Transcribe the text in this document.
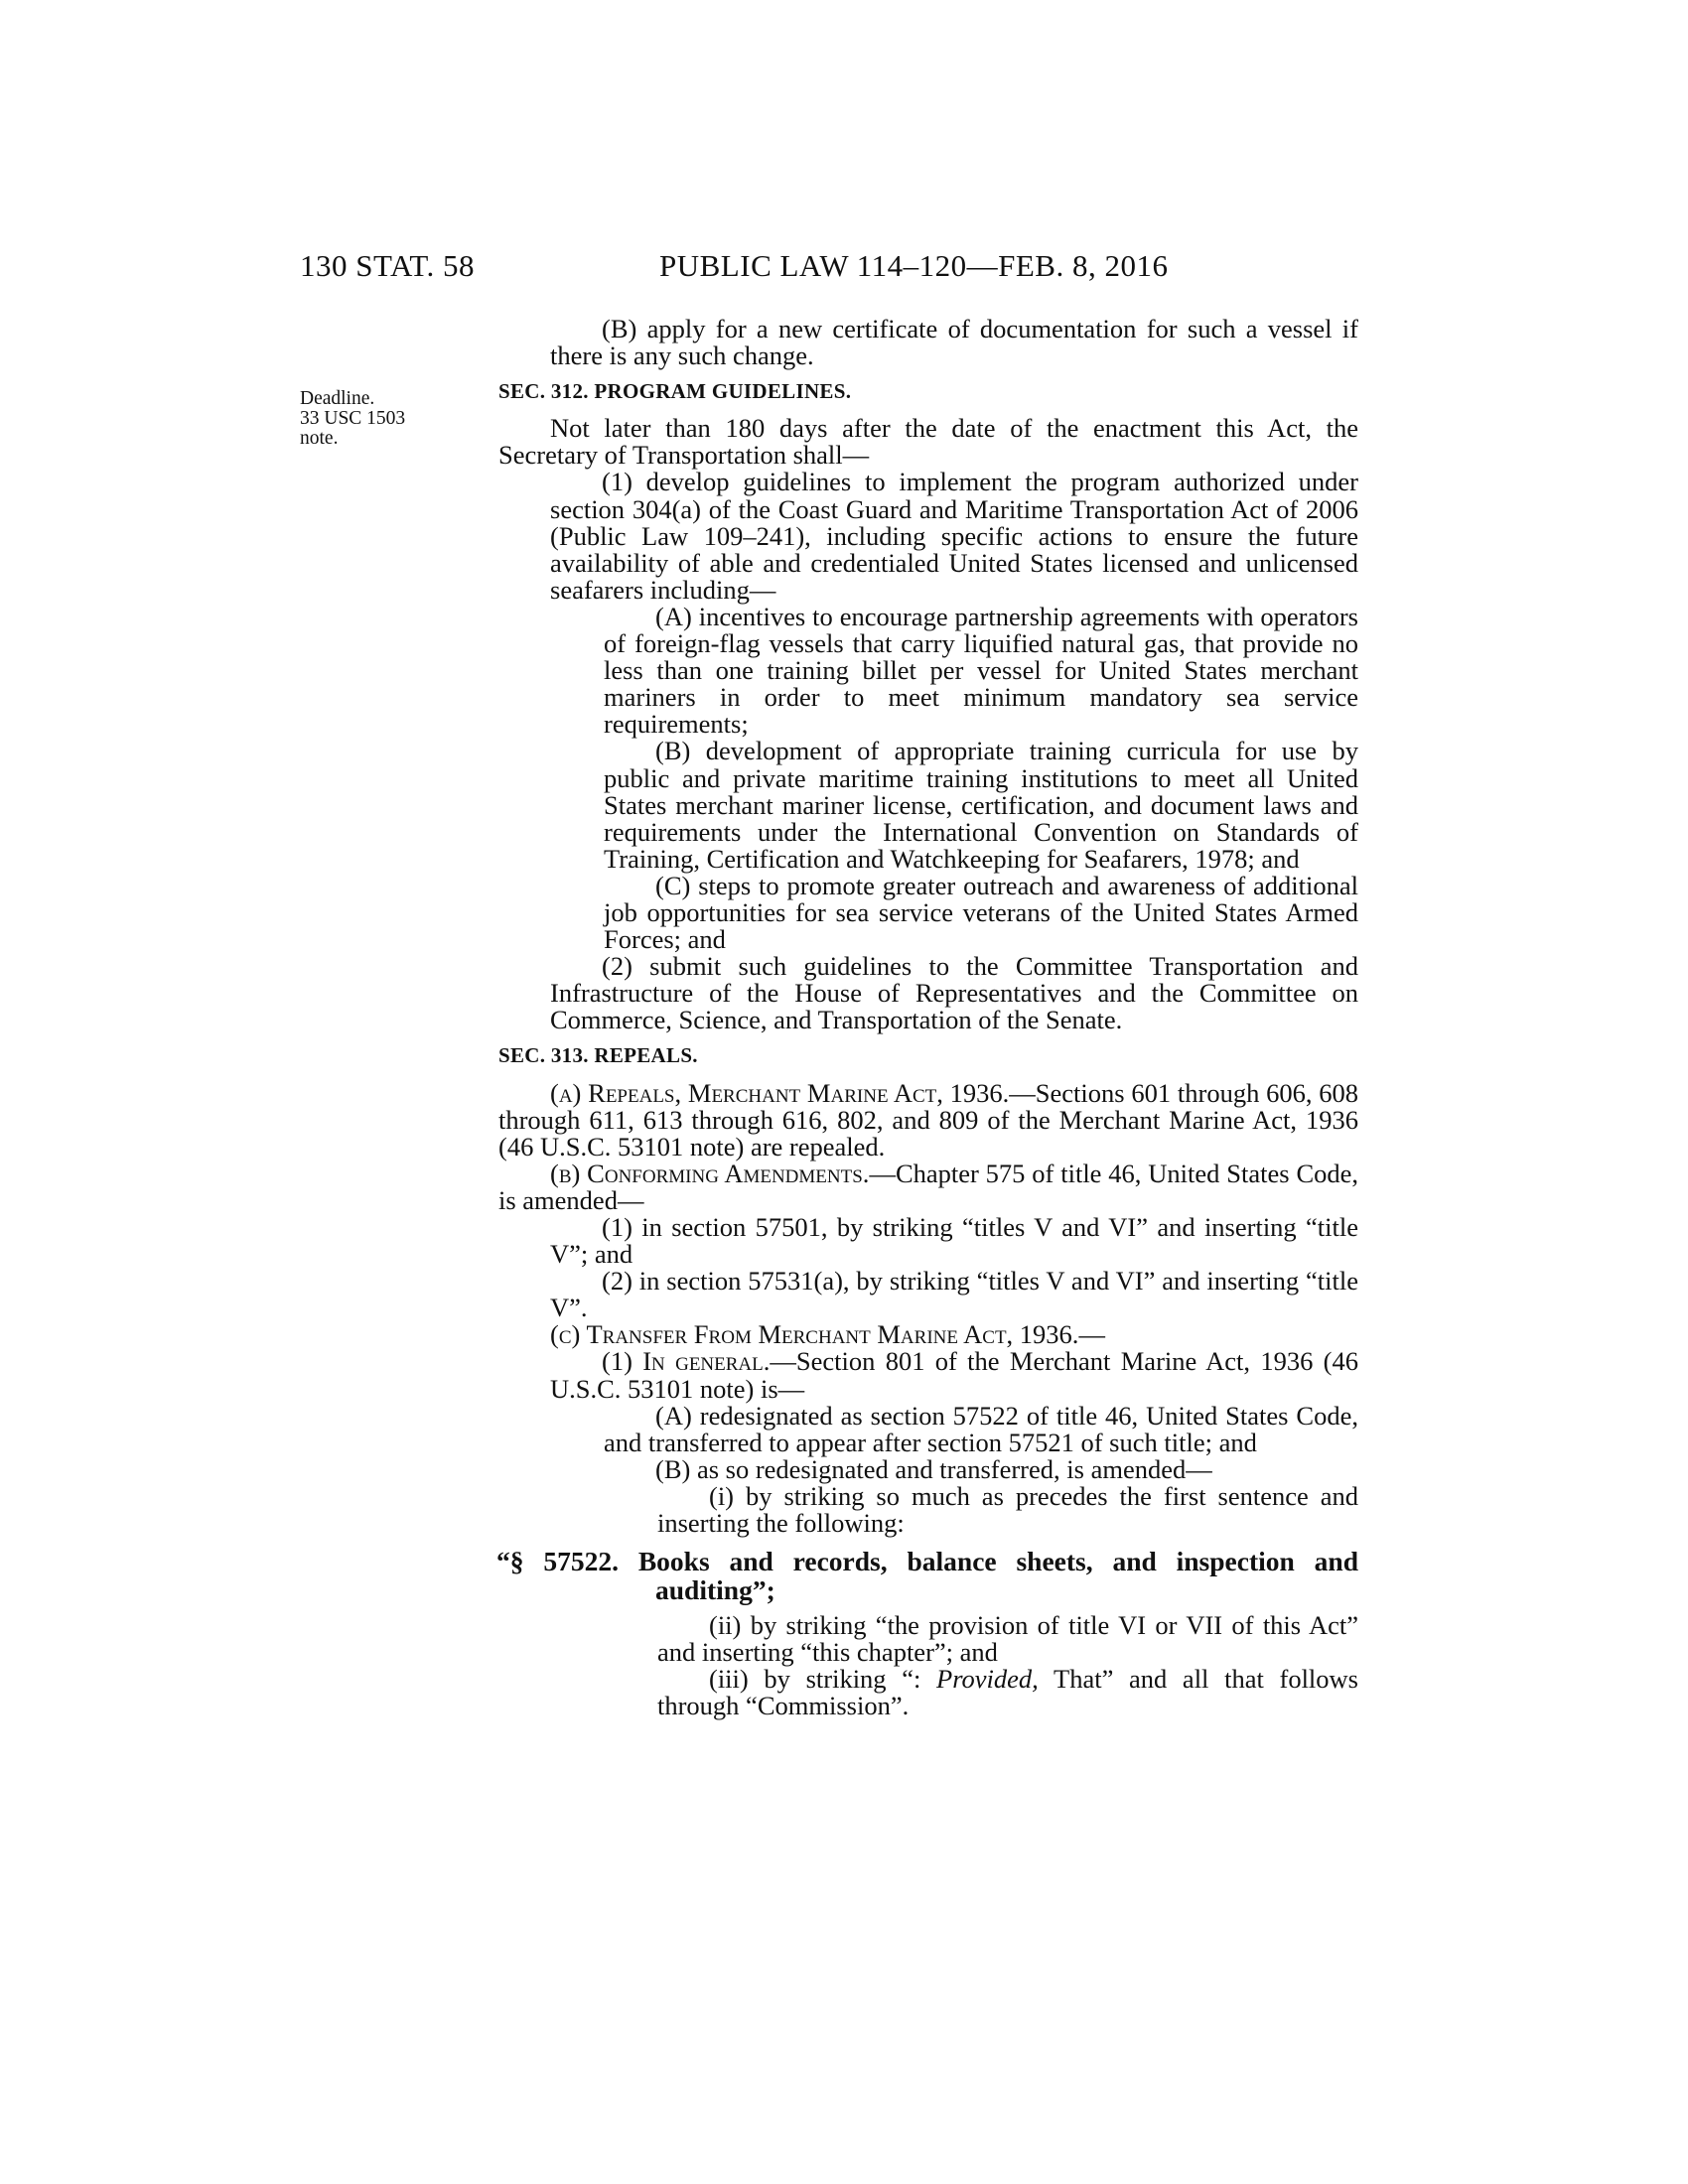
130 STAT. 58	PUBLIC LAW 114–120—FEB. 8, 2016
Deadline.
33 USC 1503
note.

(B) apply for a new certificate of documentation for such a vessel if there is any such change.

SEC. 312. PROGRAM GUIDELINES.

Not later than 180 days after the date of the enactment this Act, the Secretary of Transportation shall—

(1) develop guidelines to implement the program authorized under section 304(a) of the Coast Guard and Maritime Transportation Act of 2006 (Public Law 109–241), including specific actions to ensure the future availability of able and credentialed United States licensed and unlicensed seafarers including—

(A) incentives to encourage partnership agreements with operators of foreign-flag vessels that carry liquified natural gas, that provide no less than one training billet per vessel for United States merchant mariners in order to meet minimum mandatory sea service requirements;

(B) development of appropriate training curricula for use by public and private maritime training institutions to meet all United States merchant mariner license, certification, and document laws and requirements under the International Convention on Standards of Training, Certification and Watchkeeping for Seafarers, 1978; and

(C) steps to promote greater outreach and awareness of additional job opportunities for sea service veterans of the United States Armed Forces; and

(2) submit such guidelines to the Committee Transportation and Infrastructure of the House of Representatives and the Committee on Commerce, Science, and Transportation of the Senate.

SEC. 313. REPEALS.

(a) Repeals, Merchant Marine Act, 1936.—Sections 601 through 606, 608 through 611, 613 through 616, 802, and 809 of the Merchant Marine Act, 1936 (46 U.S.C. 53101 note) are repealed.

(b) Conforming Amendments.—Chapter 575 of title 46, United States Code, is amended—

(1) in section 57501, by striking “titles V and VI” and inserting “title V”; and

(2) in section 57531(a), by striking “titles V and VI” and inserting “title V”.

(c) Transfer From Merchant Marine Act, 1936.—

(1) In general.—Section 801 of the Merchant Marine Act, 1936 (46 U.S.C. 53101 note) is—

(A) redesignated as section 57522 of title 46, United States Code, and transferred to appear after section 57521 of such title; and

(B) as so redesignated and transferred, is amended—

(i) by striking so much as precedes the first sentence and inserting the following:

“§ 57522. Books and records, balance sheets, and inspection and auditing”;

(ii) by striking “the provision of title VI or VII of this Act” and inserting “this chapter”; and

(iii) by striking “: Provided, That” and all that follows through “Commission”.
